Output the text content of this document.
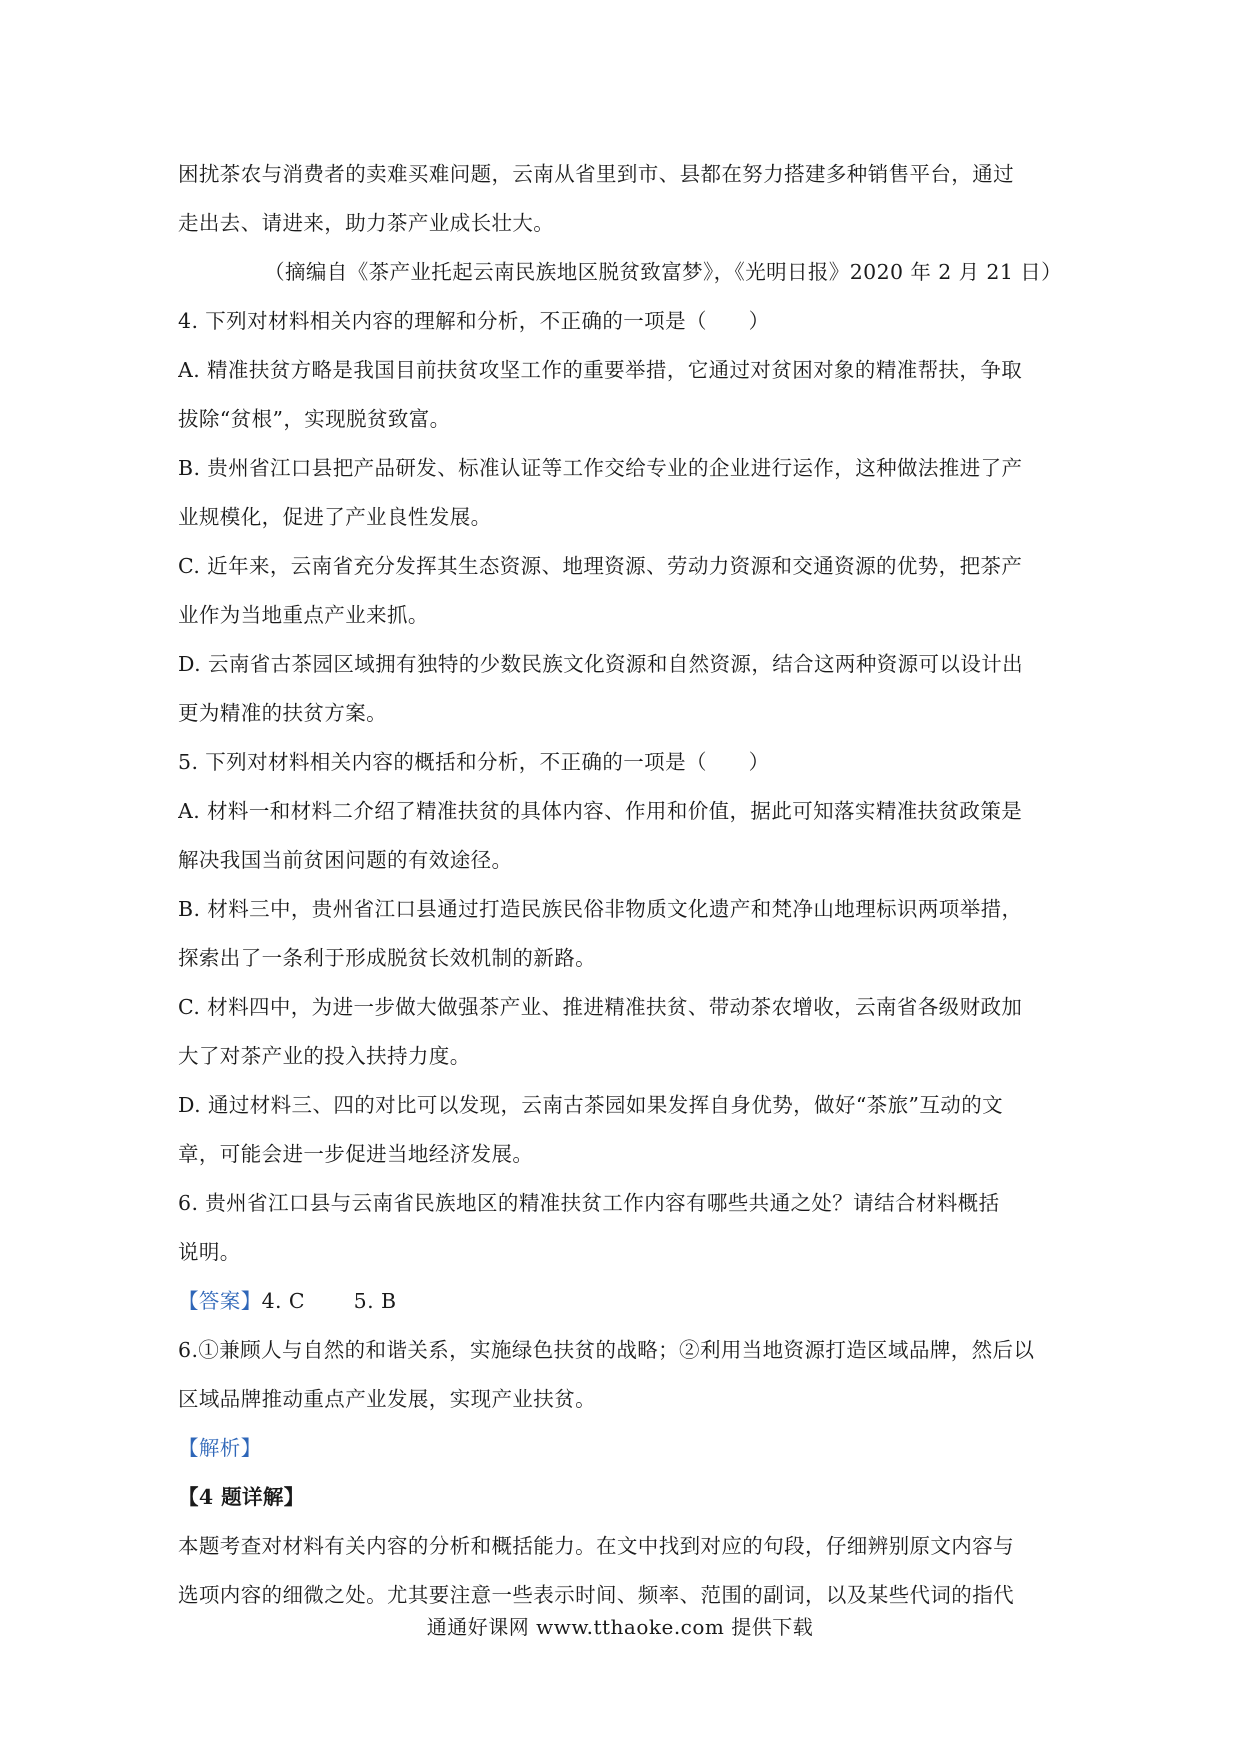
困扰茶农与消费者的卖难买难问题，云南从省里到市、县都在努力搭建多种销售平台，通过
走出去、请进来，助力茶产业成长壮大。
（摘编自《茶产业托起云南民族地区脱贫致富梦》，《光明日报》2020 年 2 月 21 日）
4. 下列对材料相关内容的理解和分析，不正确的一项是（　　）
A. 精准扶贫方略是我国目前扶贫攻坚工作的重要举措，它通过对贫困对象的精准帮扶，争取
拔除“贫根”，实现脱贫致富。
B. 贵州省江口县把产品研发、标准认证等工作交给专业的企业进行运作，这种做法推进了产
业规模化，促进了产业良性发展。
C. 近年来，云南省充分发挥其生态资源、地理资源、劳动力资源和交通资源的优势，把茶产
业作为当地重点产业来抓。
D. 云南省古茶园区域拥有独特的少数民族文化资源和自然资源，结合这两种资源可以设计出
更为精准的扶贫方案。
5. 下列对材料相关内容的概括和分析，不正确的一项是（　　）
A. 材料一和材料二介绍了精准扶贫的具体内容、作用和价值，据此可知落实精准扶贫政策是
解决我国当前贫困问题的有效途径。
B. 材料三中，贵州省江口县通过打造民族民俗非物质文化遗产和梵净山地理标识两项举措，
探索出了一条利于形成脱贫长效机制的新路。
C. 材料四中，为进一步做大做强茶产业、推进精准扶贫、带动茶农增收，云南省各级财政加
大了对茶产业的投入扶持力度。
D. 通过材料三、四的对比可以发现，云南古茶园如果发挥自身优势，做好“茶旅”互动的文
章，可能会进一步促进当地经济发展。
6. 贵州省江口县与云南省民族地区的精准扶贫工作内容有哪些共通之处？请结合材料概括
说明。
【答案】4. C　　 5. B
6.①兼顾人与自然的和谐关系，实施绿色扶贫的战略；②利用当地资源打造区域品牌，然后以
区域品牌推动重点产业发展，实现产业扶贫。
【解析】
【4 题详解】
本题考查对材料有关内容的分析和概括能力。在文中找到对应的句段，仔细辨别原文内容与
选项内容的细微之处。尤其要注意一些表示时间、频率、范围的副词，以及某些代词的指代
通通好课网 www.tthaoke.com 提供下载
